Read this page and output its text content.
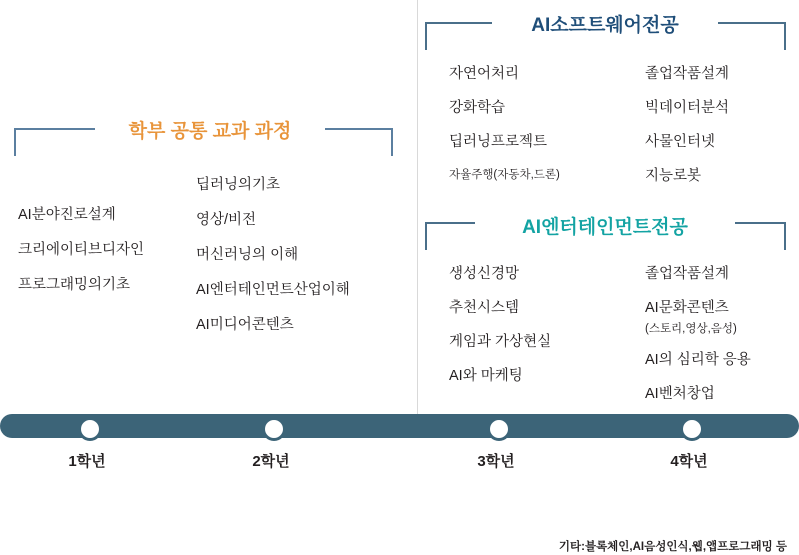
학부 공통 교과 과정
AI분야진로설계
크리에이티브디자인
프로그래밍의기초
딥러닝의기초
영상/비전
머신러닝의 이해
AI엔터테인먼트산업이해
AI미디어콘텐츠
AI소프트웨어전공
자연어처리
강화학습
딥러닝프로젝트
자율주행(자동차,드론)
졸업작품설계
빅데이터분석
사물인터넷
지능로봇
AI엔터테인먼트전공
생성신경망
추천시스템
게임과 가상현실
AI와 마케팅
졸업작품설계
AI문화콘텐츠
(스토리,영상,음성)
AI의 심리학 응용
AI벤처창업
1학년	2학년	3학년	4학년
기타:블록체인,AI음성인식,웹,앱프로그래밍 등
